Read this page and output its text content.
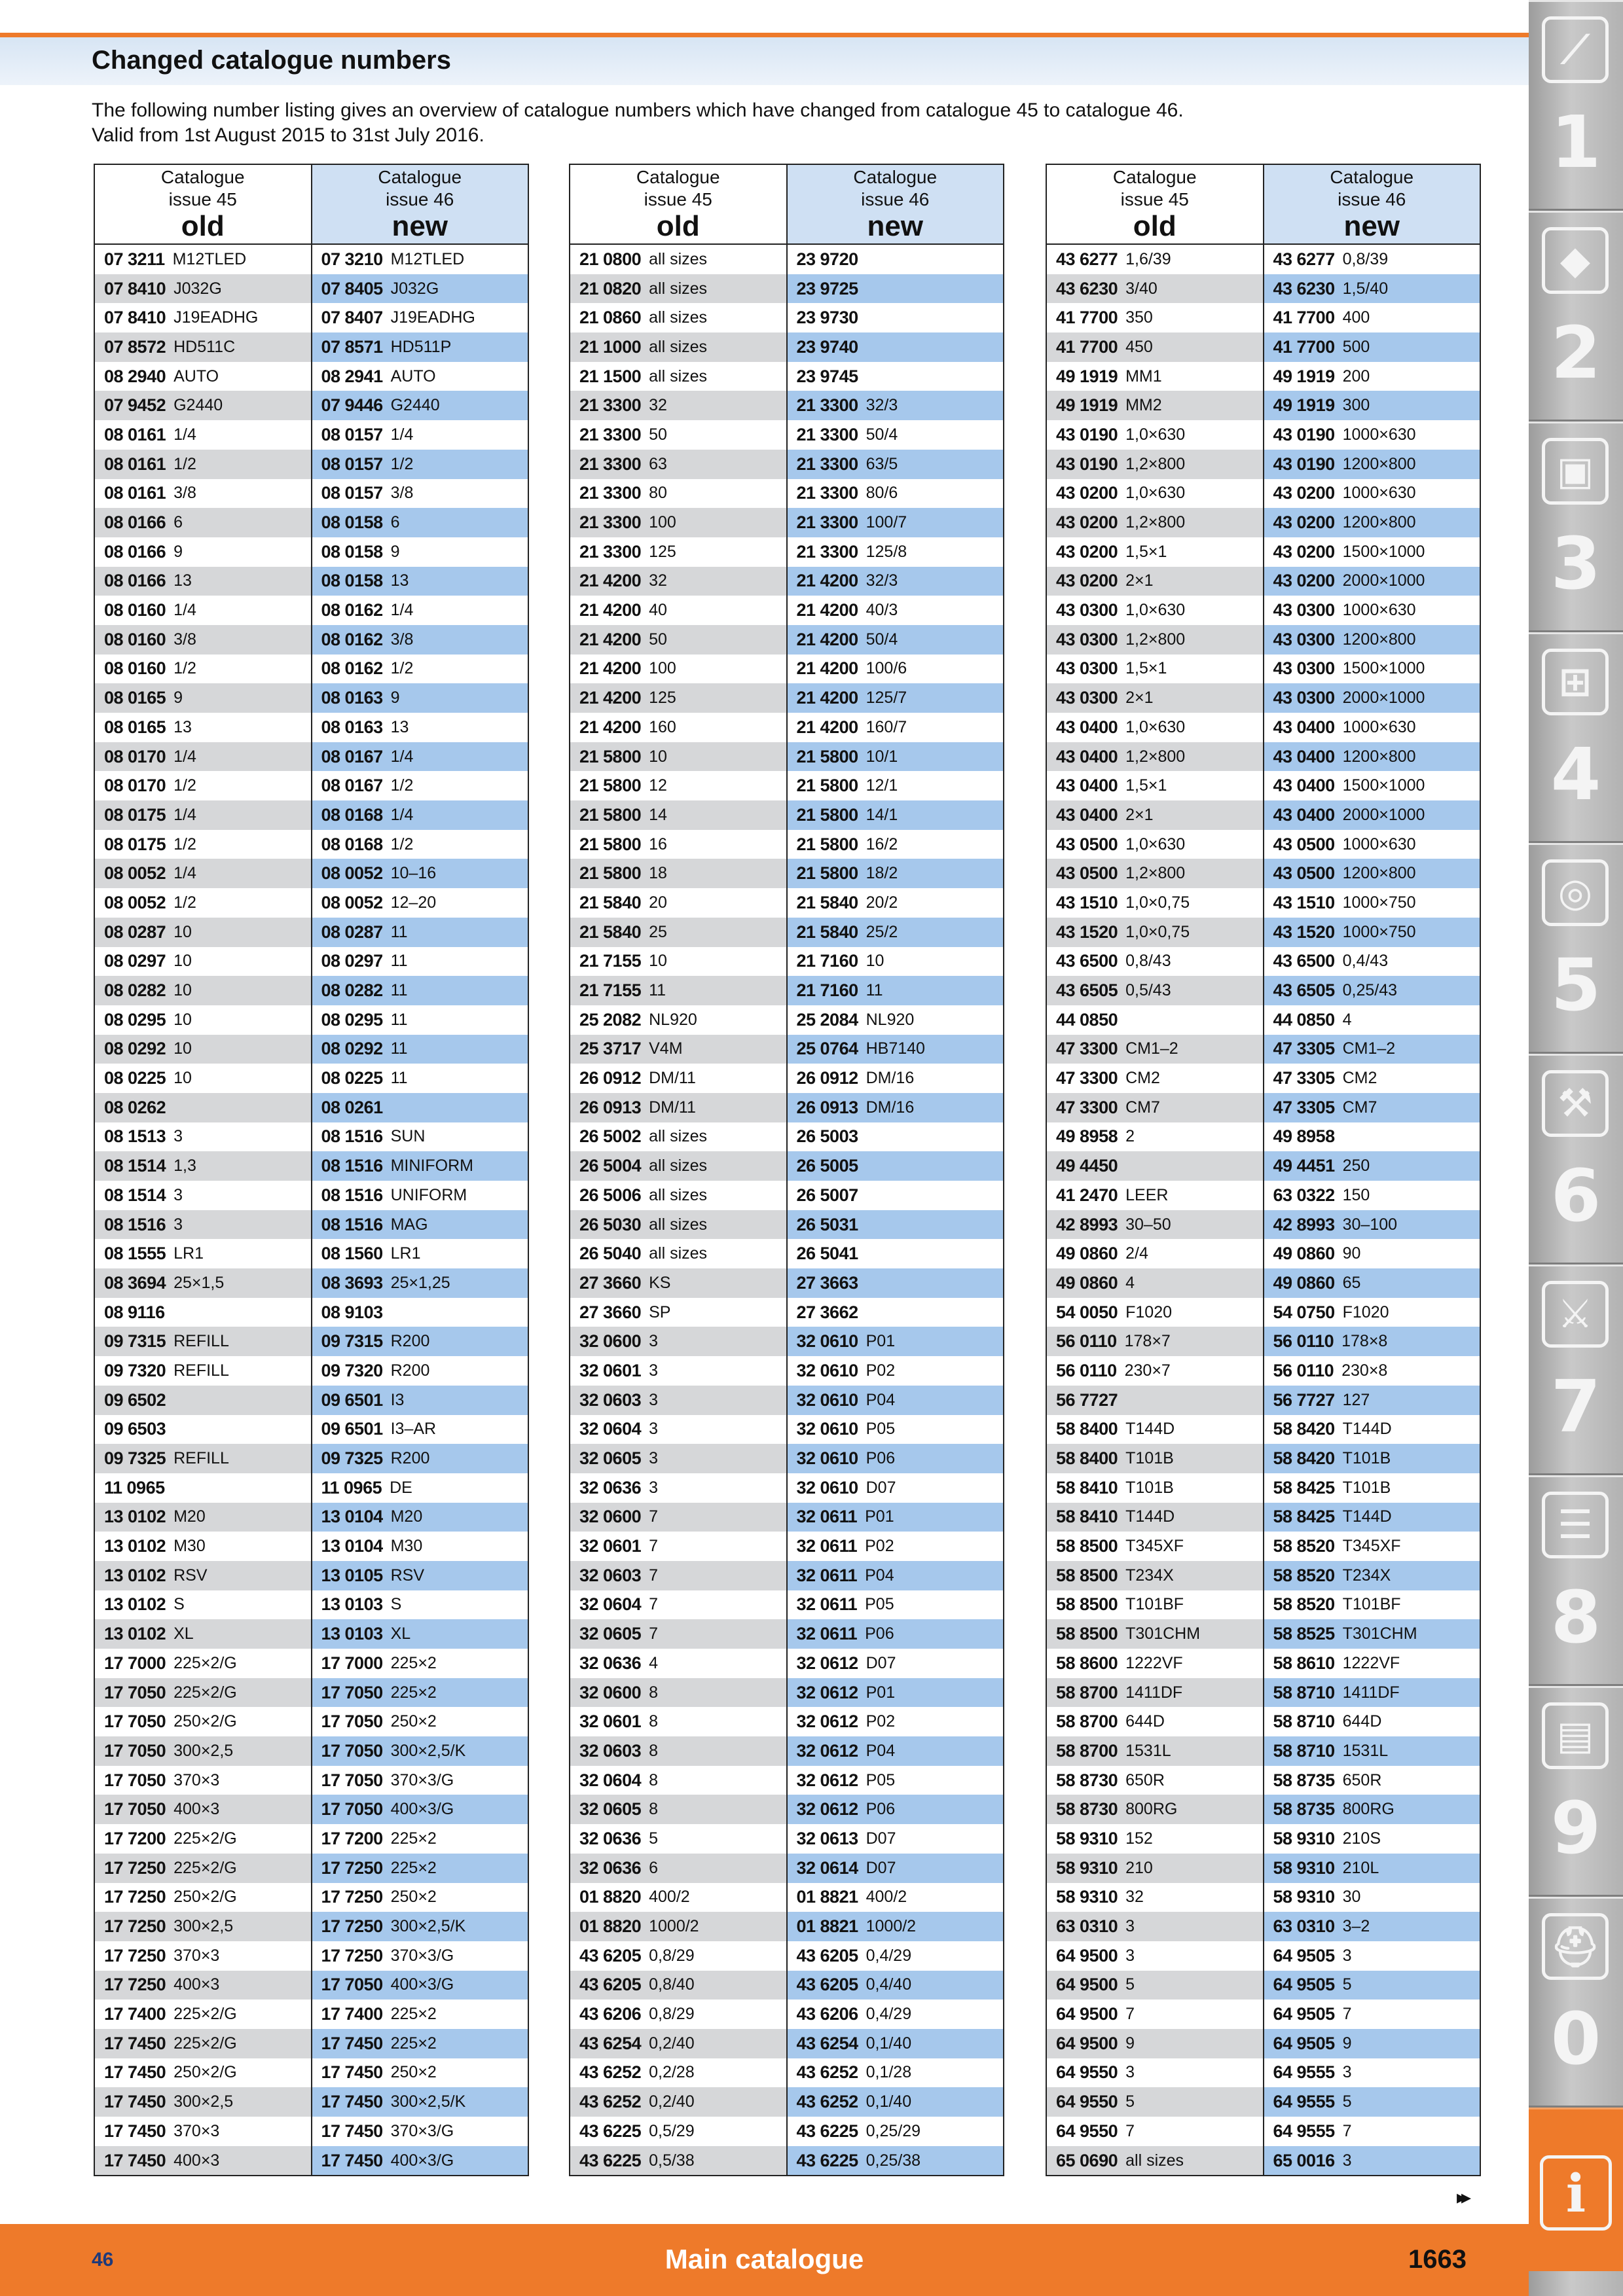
Changed catalogue numbers
The following number listing gives an overview of catalogue numbers which have changed from catalogue 45 to catalogue 46.
Valid from 1st August 2015 to 31st July 2016.
Catalogue
issue 45
old
Catalogue
issue 46
new
07 3211 M12TLED	07 3210 M12TLED
07 8410 J032G	07 8405 J032G
07 8410 J19EADHG	07 8407 J19EADHG
07 8572 HD511C	07 8571 HD511P
08 2940 AUTO	08 2941 AUTO
07 9452 G2440	07 9446 G2440
08 0161 1/4	08 0157 1/4
08 0161 1/2	08 0157 1/2
08 0161 3/8	08 0157 3/8
08 0166 6	08 0158 6
08 0166 9	08 0158 9
08 0166 13	08 0158 13
08 0160 1/4	08 0162 1/4
08 0160 3/8	08 0162 3/8
08 0160 1/2	08 0162 1/2
08 0165 9	08 0163 9
08 0165 13	08 0163 13
08 0170 1/4	08 0167 1/4
08 0170 1/2	08 0167 1/2
08 0175 1/4	08 0168 1/4
08 0175 1/2	08 0168 1/2
08 0052 1/4	08 0052 10–16
08 0052 1/2	08 0052 12–20
08 0287 10	08 0287 11
08 0297 10	08 0297 11
08 0282 10	08 0282 11
08 0295 10	08 0295 11
08 0292 10	08 0292 11
08 0225 10	08 0225 11
08 0262	08 0261
08 1513 3	08 1516 SUN
08 1514 1,3	08 1516 MINIFORM
08 1514 3	08 1516 UNIFORM
08 1516 3	08 1516 MAG
08 1555 LR1	08 1560 LR1
08 3694 25×1,5	08 3693 25×1,25
08 9116	08 9103
09 7315 REFILL	09 7315 R200
09 7320 REFILL	09 7320 R200
09 6502	09 6501 I3
09 6503	09 6501 I3–AR
09 7325 REFILL	09 7325 R200
11 0965	11 0965 DE
13 0102 M20	13 0104 M20
13 0102 M30	13 0104 M30
13 0102 RSV	13 0105 RSV
13 0102 S	13 0103 S
13 0102 XL	13 0103 XL
17 7000 225×2/G	17 7000 225×2
17 7050 225×2/G	17 7050 225×2
17 7050 250×2/G	17 7050 250×2
17 7050 300×2,5	17 7050 300×2,5/K
17 7050 370×3	17 7050 370×3/G
17 7050 400×3	17 7050 400×3/G
17 7200 225×2/G	17 7200 225×2
17 7250 225×2/G	17 7250 225×2
17 7250 250×2/G	17 7250 250×2
17 7250 300×2,5	17 7250 300×2,5/K
17 7250 370×3	17 7250 370×3/G
17 7250 400×3	17 7050 400×3/G
17 7400 225×2/G	17 7400 225×2
17 7450 225×2/G	17 7450 225×2
17 7450 250×2/G	17 7450 250×2
17 7450 300×2,5	17 7450 300×2,5/K
17 7450 370×3	17 7450 370×3/G
17 7450 400×3	17 7450 400×3/G
Catalogue
issue 45
old
Catalogue
issue 46
new
21 0800 all sizes	23 9720
21 0820 all sizes	23 9725
21 0860 all sizes	23 9730
21 1000 all sizes	23 9740
21 1500 all sizes	23 9745
21 3300 32	21 3300 32/3
21 3300 50	21 3300 50/4
21 3300 63	21 3300 63/5
21 3300 80	21 3300 80/6
21 3300 100	21 3300 100/7
21 3300 125	21 3300 125/8
21 4200 32	21 4200 32/3
21 4200 40	21 4200 40/3
21 4200 50	21 4200 50/4
21 4200 100	21 4200 100/6
21 4200 125	21 4200 125/7
21 4200 160	21 4200 160/7
21 5800 10	21 5800 10/1
21 5800 12	21 5800 12/1
21 5800 14	21 5800 14/1
21 5800 16	21 5800 16/2
21 5800 18	21 5800 18/2
21 5840 20	21 5840 20/2
21 5840 25	21 5840 25/2
21 7155 10	21 7160 10
21 7155 11	21 7160 11
25 2082 NL920	25 2084 NL920
25 3717 V4M	25 0764 HB7140
26 0912 DM/11	26 0912 DM/16
26 0913 DM/11	26 0913 DM/16
26 5002 all sizes	26 5003
26 5004 all sizes	26 5005
26 5006 all sizes	26 5007
26 5030 all sizes	26 5031
26 5040 all sizes	26 5041
27 3660 KS	27 3663
27 3660 SP	27 3662
32 0600 3	32 0610 P01
32 0601 3	32 0610 P02
32 0603 3	32 0610 P04
32 0604 3	32 0610 P05
32 0605 3	32 0610 P06
32 0636 3	32 0610 D07
32 0600 7	32 0611 P01
32 0601 7	32 0611 P02
32 0603 7	32 0611 P04
32 0604 7	32 0611 P05
32 0605 7	32 0611 P06
32 0636 4	32 0612 D07
32 0600 8	32 0612 P01
32 0601 8	32 0612 P02
32 0603 8	32 0612 P04
32 0604 8	32 0612 P05
32 0605 8	32 0612 P06
32 0636 5	32 0613 D07
32 0636 6	32 0614 D07
01 8820 400/2	01 8821 400/2
01 8820 1000/2	01 8821 1000/2
43 6205 0,8/29	43 6205 0,4/29
43 6205 0,8/40	43 6205 0,4/40
43 6206 0,8/29	43 6206 0,4/29
43 6254 0,2/40	43 6254 0,1/40
43 6252 0,2/28	43 6252 0,1/28
43 6252 0,2/40	43 6252 0,1/40
43 6225 0,5/29	43 6225 0,25/29
43 6225 0,5/38	43 6225 0,25/38
Catalogue
issue 45
old
Catalogue
issue 46
new
43 6277 1,6/39	43 6277 0,8/39
43 6230 3/40	43 6230 1,5/40
41 7700 350	41 7700 400
41 7700 450	41 7700 500
49 1919 MM1	49 1919 200
49 1919 MM2	49 1919 300
43 0190 1,0×630	43 0190 1000×630
43 0190 1,2×800	43 0190 1200×800
43 0200 1,0×630	43 0200 1000×630
43 0200 1,2×800	43 0200 1200×800
43 0200 1,5×1	43 0200 1500×1000
43 0200 2×1	43 0200 2000×1000
43 0300 1,0×630	43 0300 1000×630
43 0300 1,2×800	43 0300 1200×800
43 0300 1,5×1	43 0300 1500×1000
43 0300 2×1	43 0300 2000×1000
43 0400 1,0×630	43 0400 1000×630
43 0400 1,2×800	43 0400 1200×800
43 0400 1,5×1	43 0400 1500×1000
43 0400 2×1	43 0400 2000×1000
43 0500 1,0×630	43 0500 1000×630
43 0500 1,2×800	43 0500 1200×800
43 1510 1,0×0,75	43 1510 1000×750
43 1520 1,0×0,75	43 1520 1000×750
43 6500 0,8/43	43 6500 0,4/43
43 6505 0,5/43	43 6505 0,25/43
44 0850	44 0850 4
47 3300 CM1–2	47 3305 CM1–2
47 3300 CM2	47 3305 CM2
47 3300 CM7	47 3305 CM7
49 8958 2	49 8958
49 4450	49 4451 250
41 2470 LEER	63 0322 150
42 8993 30–50	42 8993 30–100
49 0860 2/4	49 0860 90
49 0860 4	49 0860 65
54 0050 F1020	54 0750 F1020
56 0110 178×7	56 0110 178×8
56 0110 230×7	56 0110 230×8
56 7727	56 7727 127
58 8400 T144D	58 8420 T144D
58 8400 T101B	58 8420 T101B
58 8410 T101B	58 8425 T101B
58 8410 T144D	58 8425 T144D
58 8500 T345XF	58 8520 T345XF
58 8500 T234X	58 8520 T234X
58 8500 T101BF	58 8520 T101BF
58 8500 T301CHM	58 8525 T301CHM
58 8600 1222VF	58 8610 1222VF
58 8700 1411DF	58 8710 1411DF
58 8700 644D	58 8710 644D
58 8700 1531L	58 8710 1531L
58 8730 650R	58 8735 650R
58 8730 800RG	58 8735 800RG
58 9310 152	58 9310 210S
58 9310 210	58 9310 210L
58 9310 32	58 9310 30
63 0310 3	63 0310 3–2
64 9500 3	64 9505 3
64 9500 5	64 9505 5
64 9500 7	64 9505 7
64 9500 9	64 9505 9
64 9550 3	64 9555 3
64 9550 5	64 9555 5
64 9550 7	64 9555 7
65 0690 all sizes	65 0016 3
▸▸
46	Main catalogue	1663
⟋
1
◆
2
▣
3
⊞
4
◎
5
⚒
6
⚔
7
☰
8
▤
9
⛑
0
i
